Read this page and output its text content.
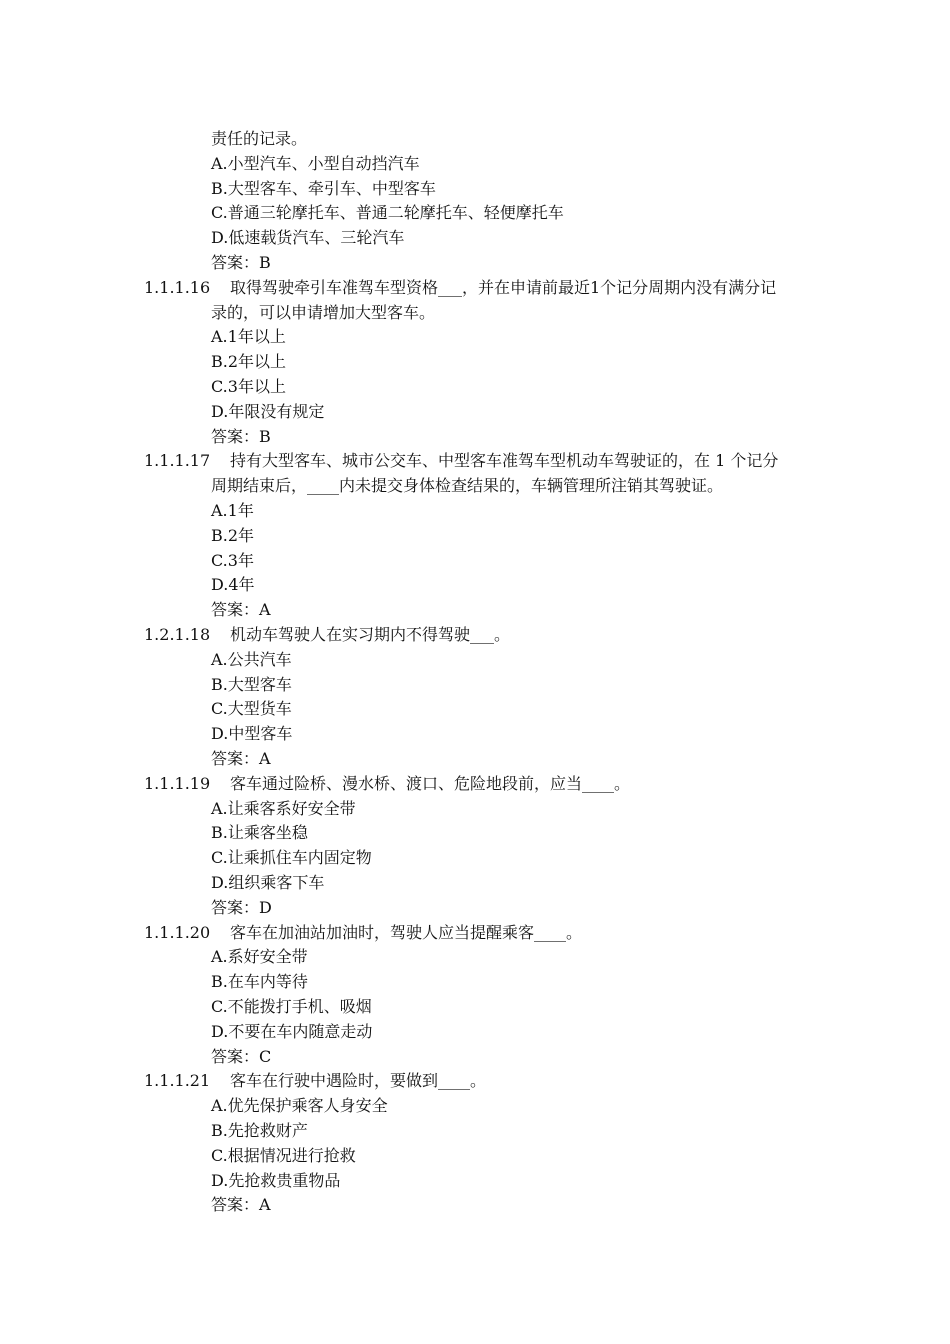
责任的记录。
A.小型汽车、小型自动挡汽车
B.大型客车、牵引车、中型客车
C.普通三轮摩托车、普通二轮摩托车、轻便摩托车
D.低速载货汽车、三轮汽车
答案：B
1.1.1.16 取得驾驶牵引车准驾车型资格___，并在申请前最近1个记分周期内没有满分记
录的，可以申请增加大型客车。
A.1年以上
B.2年以上
C.3年以上
D.年限没有规定
答案：B
1.1.1.17 持有大型客车、城市公交车、中型客车准驾车型机动车驾驶证的，在 1 个记分
周期结束后，____内未提交身体检查结果的，车辆管理所注销其驾驶证。
A.1年
B.2年
C.3年
D.4年
答案：A
1.2.1.18 机动车驾驶人在实习期内不得驾驶___。
A.公共汽车
B.大型客车
C.大型货车
D.中型客车
答案：A
1.1.1.19 客车通过险桥、漫水桥、渡口、危险地段前，应当____。
A.让乘客系好安全带
B.让乘客坐稳
C.让乘抓住车内固定物
D.组织乘客下车
答案：D
1.1.1.20 客车在加油站加油时，驾驶人应当提醒乘客____。
A.系好安全带
B.在车内等待
C.不能拨打手机、吸烟
D.不要在车内随意走动
答案：C
1.1.1.21 客车在行驶中遇险时，要做到____。
A.优先保护乘客人身安全
B.先抢救财产
C.根据情况进行抢救
D.先抢救贵重物品
答案：A
